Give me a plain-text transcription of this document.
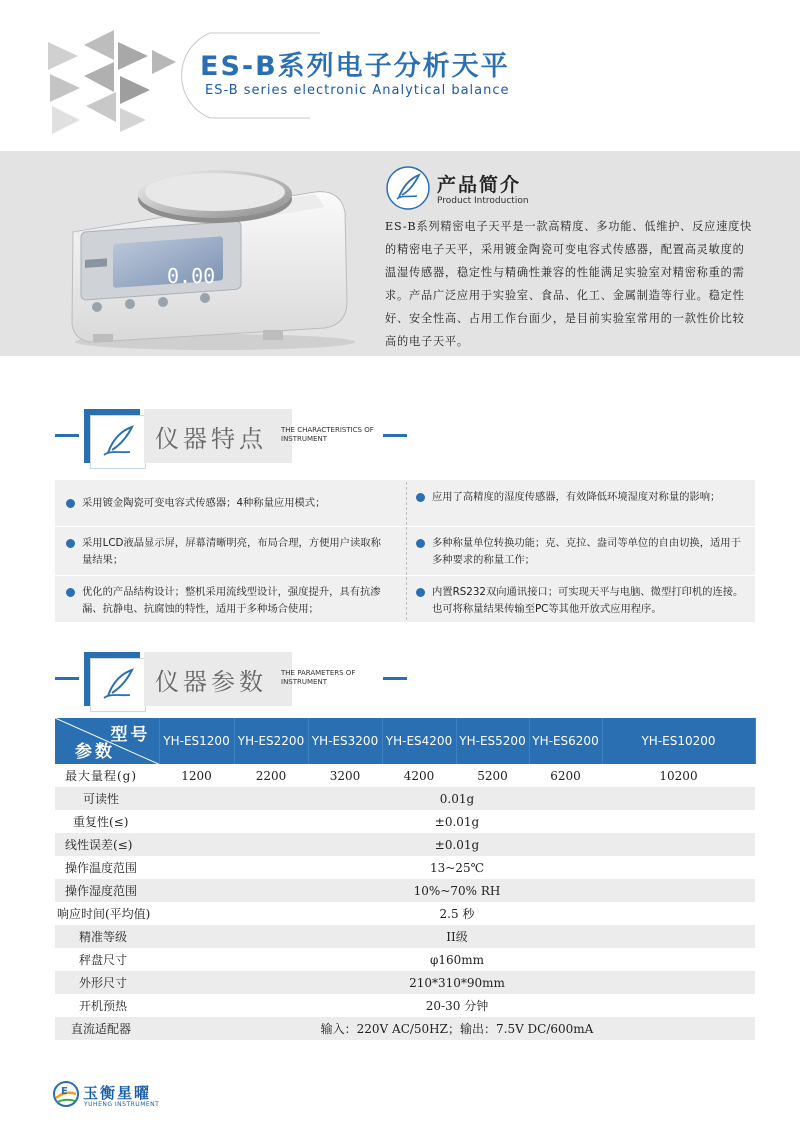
ES-B系列电子分析天平
ES-B series electronic Analytical balance
0.00
产品简介
Product Introduction
ES-B系列精密电子天平是一款高精度、多功能、低维护、反应速度快的精密电子天平，采用镀金陶瓷可变电容式传感器，配置高灵敏度的温湿传感器，稳定性与精确性兼容的性能满足实验室对精密称重的需求。产品广泛应用于实验室、食品、化工、金属制造等行业。稳定性好、安全性高、占用工作台面少，是目前实验室常用的一款性价比较高的电子天平。
仪器特点 THE CHARACTERISTICS OF INSTRUMENT
采用镀金陶瓷可变电容式传感器；4种称量应用模式；	应用了高精度的湿度传感器，有效降低环境湿度对称量的影响；
采用LCD液晶显示屏，屏幕清晰明亮，布局合理，方便用户读取称量结果；
多种称量单位转换功能；克、克拉、盎司等单位的自由切换，适用于多种要求的称量工作；
优化的产品结构设计；整机采用流线型设计，强度提升，具有抗渗漏、抗静电、抗腐蚀的特性，适用于多种场合使用；
内置RS232双向通讯接口；可实现天平与电脑、微型打印机的连接。也可将称量结果传输至PC等其他开放式应用程序。
仪器参数 THE PARAMETERS OF INSTRUMENT
型号
参数	YH-ES1200	YH-ES2200	YH-ES3200	YH-ES4200	YH-ES5200	YH-ES6200	YH-ES10200
最大量程(g)	1200	2200	3200	4200	5200	6200	10200
可读性	0.01g						
重复性(≤)	±0.01g						
线性误差(≤)	±0.01g						
操作温度范围	13~25℃						
操作湿度范围	10%~70% RH						
响应时间(平均值)	2.5 秒						
精准等级	II级						
秤盘尺寸	φ160mm						
外形尺寸	210*310*90mm						
开机预热	20-30 分钟						
直流适配器	输入：220V AC/50HZ；输出：7.5V DC/600mA						
E 玉衡星曜
YUHENG INSTRUMENT
